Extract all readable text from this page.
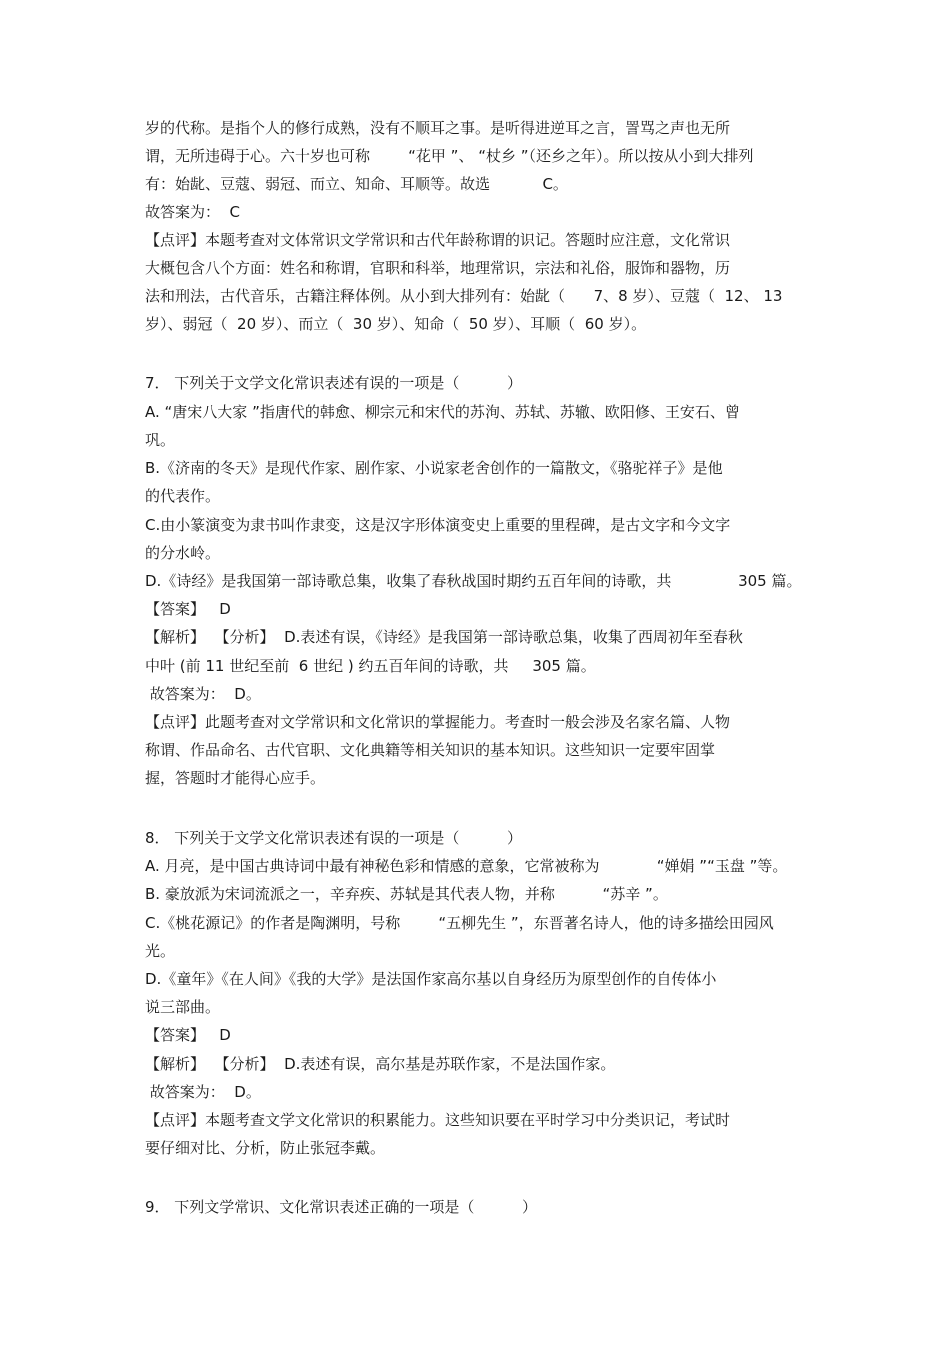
岁的代称。是指个人的修行成熟，没有不顺耳之事。是听得进逆耳之言，詈骂之声也无所
谓，无所违碍于心。六十岁也可称        “花甲 ”、 “杖乡 ”（还乡之年）。所以按从小到大排列
有：始龀、豆蔻、弱冠、而立、知命、耳顺等。故选           C。
故答案为：  C
【点评】本题考查对文体常识文学常识和古代年龄称谓的识记。答题时应注意，文化常识
大概包含八个方面：姓名和称谓，官职和科举，地理常识，宗法和礼俗，服饰和器物，历
法和刑法，古代音乐，古籍注释体例。从小到大排列有：始龀（      7、8 岁）、豆蔻（  12、 13
岁）、弱冠（  20 岁）、而立（  30 岁）、知命（  50 岁）、耳顺（  60 岁）。
7． 下列关于文学文化常识表述有误的一项是（          ）
A. “唐宋八大家 ”指唐代的韩愈、柳宗元和宋代的苏洵、苏轼、苏辙、欧阳修、王安石、曾
巩。
B.《济南的冬天》是现代作家、剧作家、小说家老舍创作的一篇散文，《骆驼祥子》是他
的代表作。
C.由小篆演变为隶书叫作隶变，这是汉字形体演变史上重要的里程碑，是古文字和今文字
的分水岭。
D.《诗经》是我国第一部诗歌总集，收集了春秋战国时期约五百年间的诗歌，共              305 篇。
【答案】   D
【解析】  【分析】  D.表述有误，《诗经》是我国第一部诗歌总集，收集了西周初年至春秋
中叶 (前 11 世纪至前  6 世纪 ) 约五百年间的诗歌，共     305 篇。
故答案为：  D。
【点评】此题考查对文学常识和文化常识的掌握能力。考查时一般会涉及名家名篇、人物
称谓、作品命名、古代官职、文化典籍等相关知识的基本知识。这些知识一定要牢固掌
握，答题时才能得心应手。
8． 下列关于文学文化常识表述有误的一项是（          ）
A. 月亮，是中国古典诗词中最有神秘色彩和情感的意象，它常被称为            “婵娟 ”“玉盘 ”等。
B. 豪放派为宋词流派之一，辛弃疾、苏轼是其代表人物，并称          “苏辛 ”。
C.《桃花源记》的作者是陶渊明，号称        “五柳先生 ”，东晋著名诗人，他的诗多描绘田园风
光。
D.《童年》《在人间》《我的大学》是法国作家高尔基以自身经历为原型创作的自传体小
说三部曲。
【答案】   D
【解析】  【分析】  D.表述有误，高尔基是苏联作家，不是法国作家。
故答案为：  D。
【点评】本题考查文学文化常识的积累能力。这些知识要在平时学习中分类识记，考试时
要仔细对比、分析，防止张冠李戴。
9． 下列文学常识、文化常识表述正确的一项是（          ）
